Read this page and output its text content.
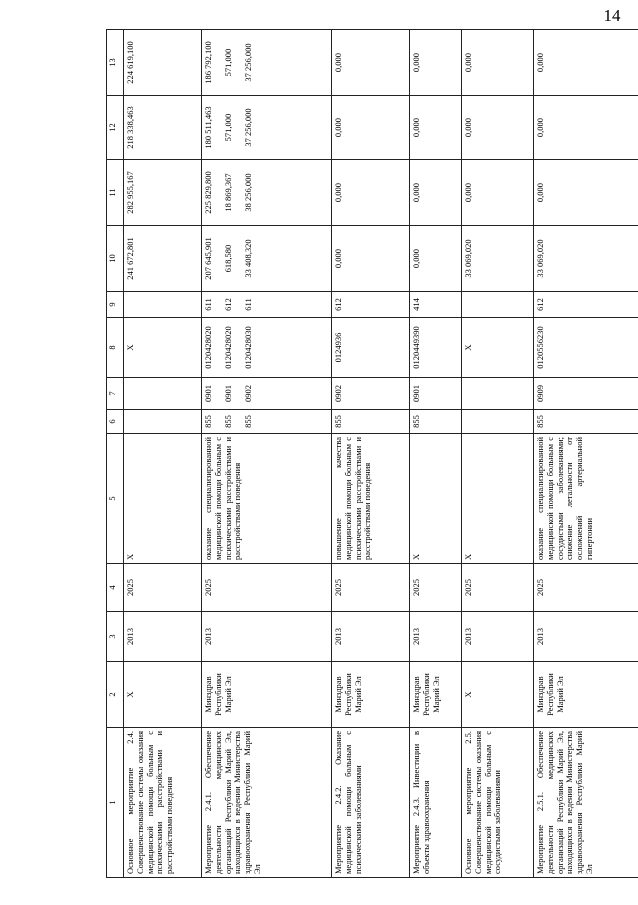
14
1	2	3	4	5	6	7	8	9	10	11	12	13
Основное мероприятие 2.4. Совершенствование системы оказания медицинской помощи больным с психическими расстройствами и расстройствами поведения	X	2013	2025	X			X		241 672,801	282 955,167	218 338,463	224 619,100
Мероприятие 2.4.1. Обеспечение деятельности медицинских организаций Республики Марий Эл, находящихся в ведении Министерства здравоохранения Республики Марий Эл	Минздрав Республики Марий Эл	2013	2025	оказание специализированной медицинской помощи больным с психическими расстройствами и расстройствами поведения	855 855 855	0901 0901 0902	0120428020 0120428020 0120428030	611 612 611	207 645,901 618,580 33 408,320	225 829,800 18 869,367 38 256,000	180 511,463 571,000 37 256,000	186 792,100 571,000 37 256,000

Мероприятие 2.4.2. Оказание медицинской помощи больным с психическими заболеваниями	Минздрав Республики Марий Эл	2013	2025	повышение качества медицинской помощи больным с психическими расстройствами и расстройствами поведения	855	0902	0124936	612	0,000	0,000	0,000	0,000
Мероприятие 2.4.3. Инвестиции в объекты здравоохранения	Минздрав Республики Марий Эл	2013	2025	X	855	0901	0120449390	414	0,000	0,000	0,000	0,000
Основное мероприятие 2.5. Совершенствование системы оказания медицинской помощи больным с сосудистыми заболеваниями	X	2013	2025	X			X		33 069,020	0,000	0,000	0,000
Мероприятие 2.5.1. Обеспечение деятельности медицинских организаций Республики Марий Эл, находящихся в ведении Министерства здравоохранения Республики Марий Эл	Минздрав Республики Марий Эл	2013	2025	оказание специализированной медицинской помощи больным с сосудистыми заболеваниями; снижение летальности от осложнений артериальной гипертонии	855	0909	0120556230	612	33 069,020	0,000	0,000	0,000
